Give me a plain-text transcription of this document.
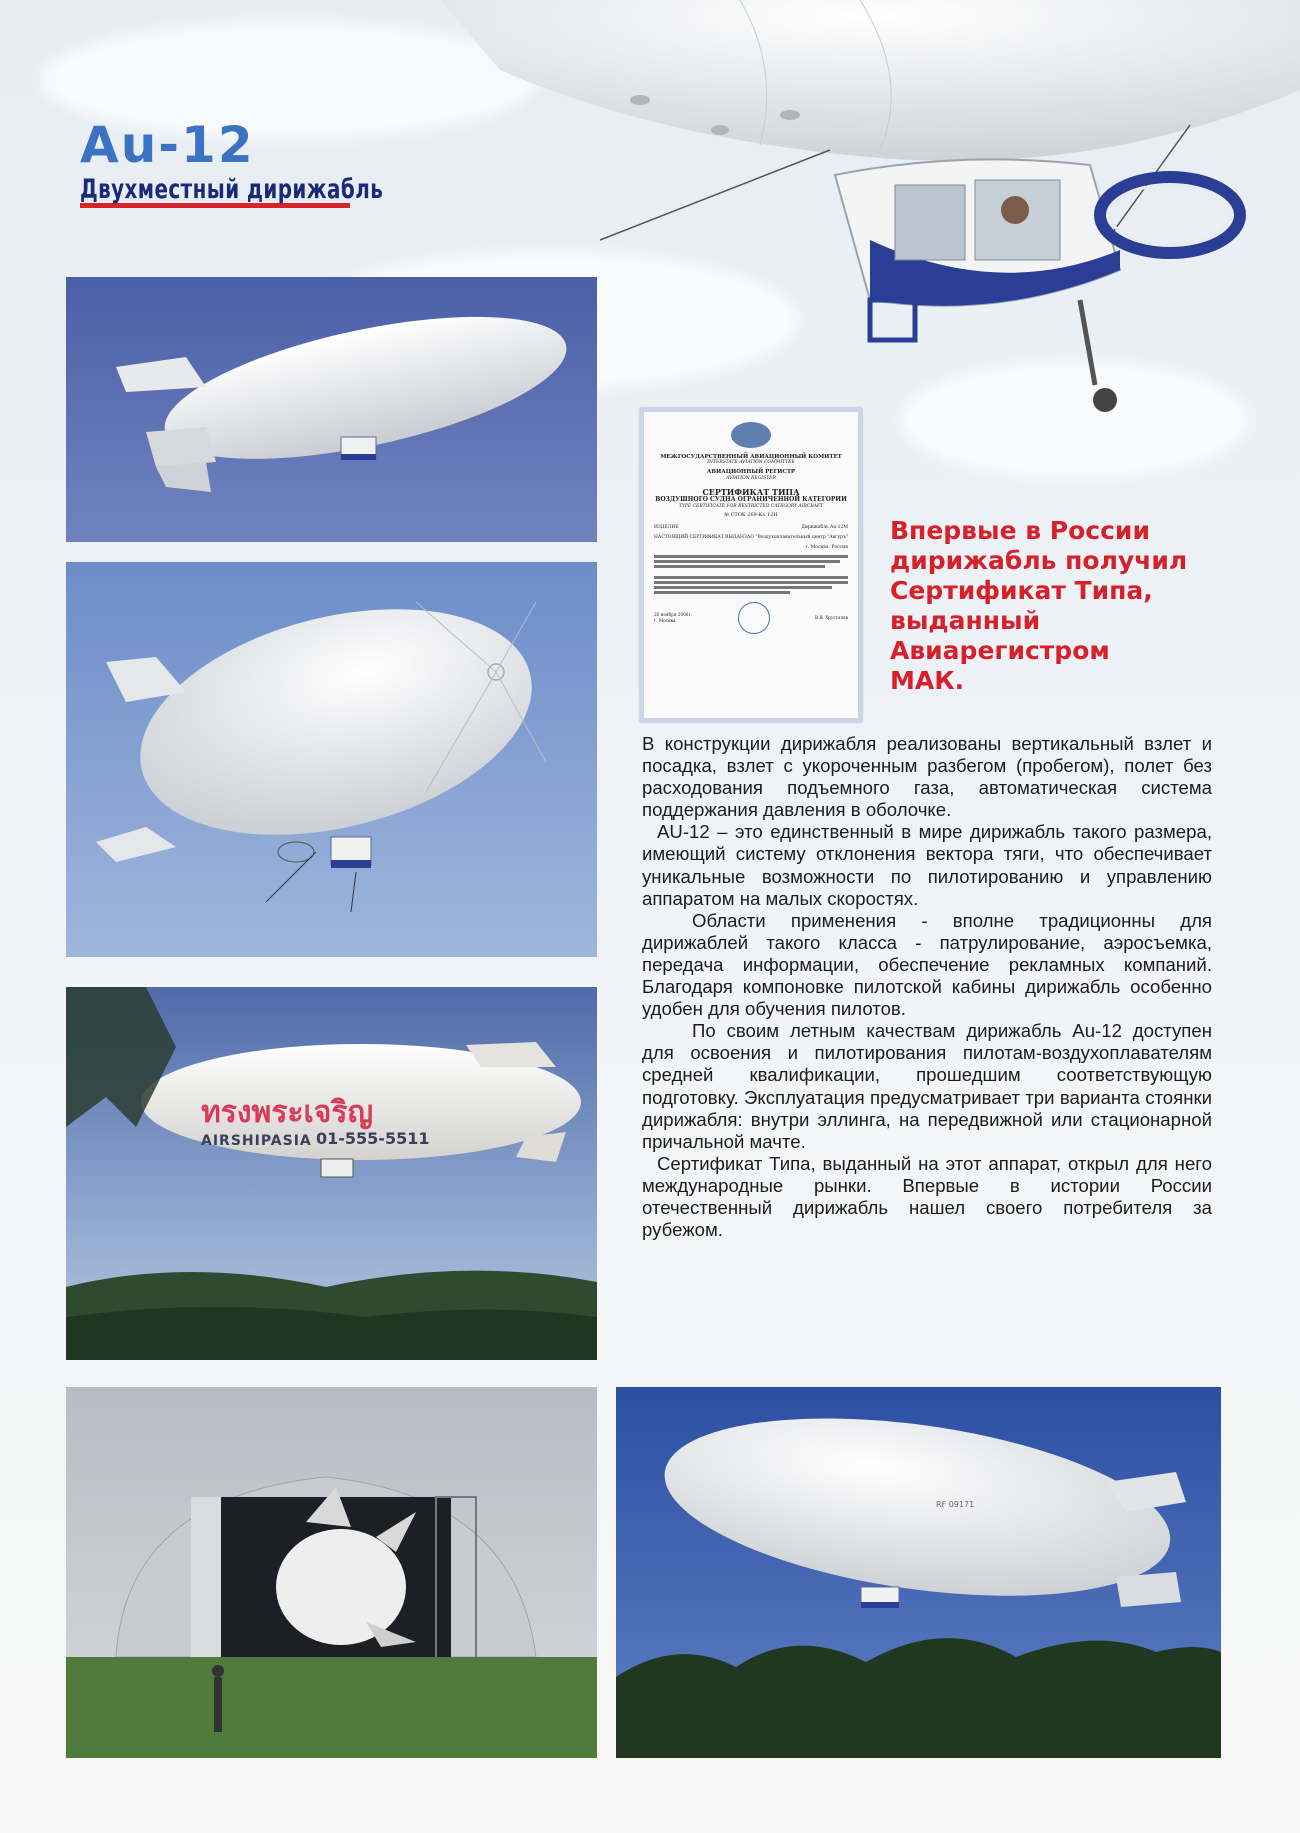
Au-12
Двухместный дирижабль
ทรงพระเจริญ
AIRSHIPASIA 01-555-5511
RF 09171
МЕЖГОСУДАРСТВЕННЫЙ АВИАЦИОННЫЙ КОМИТЕТ
INTERSTATE AVIATION COMMITTEE
АВИАЦИОННЫЙ РЕГИСТР
AVIATION REGISTER
СЕРТИФИКАТ ТИПА
ВОЗДУШНОГО СУДНА ОГРАНИЧЕННОЙ КАТЕГОРИИ
TYPE CERTIFICATE FOR RESTRICTED CATEGORY AIRCRAFT
№ СТОК 269-Ко 12Н
ИЗДЕЛИЕ	Дирижабль Au-12М
НАСТОЯЩИЙ СЕРТИФИКАТ ВЫДАН ЗАО "Воздухоплавательный центр "Авгуръ"
г. Москва, Россия
26 ноября 2006г.
г. Москва
В.В. Хрусталев
Впервые в России
дирижабль получил
Сертификат Типа,
выданный
Авиарегистром
МАК.

В конструкции дирижабля реализованы вертикальный взлет и посадка, взлет с укороченным разбегом (пробегом), полет без расходования подъемного газа, автоматическая система поддержания давления в оболочке.

AU-12 – это единственный в мире дирижабль такого размера, имеющий систему отклонения вектора тяги, что обеспечивает уникальные возможности по пилотированию и управлению аппаратом на малых скоростях.

Области применения - вполне традиционны для дирижаблей такого класса - патрулирование, аэросъемка, передача информации, обеспечение рекламных компаний. Благодаря компоновке пилотской кабины дирижабль особенно удобен для обучения пилотов.

По своим летным качествам дирижабль Au-12 доступен для освоения и пилотирования пилотам-воздухоплавателям средней квалификации, прошедшим соответствующую подготовку. Эксплуатация предусматривает три варианта стоянки дирижабля: внутри эллинга, на передвижной или стационарной причальной мачте.

Сертификат Типа, выданный на этот аппарат, открыл для него международные рынки. Впервые в истории России отечественный дирижабль нашел своего потребителя за рубежом.
